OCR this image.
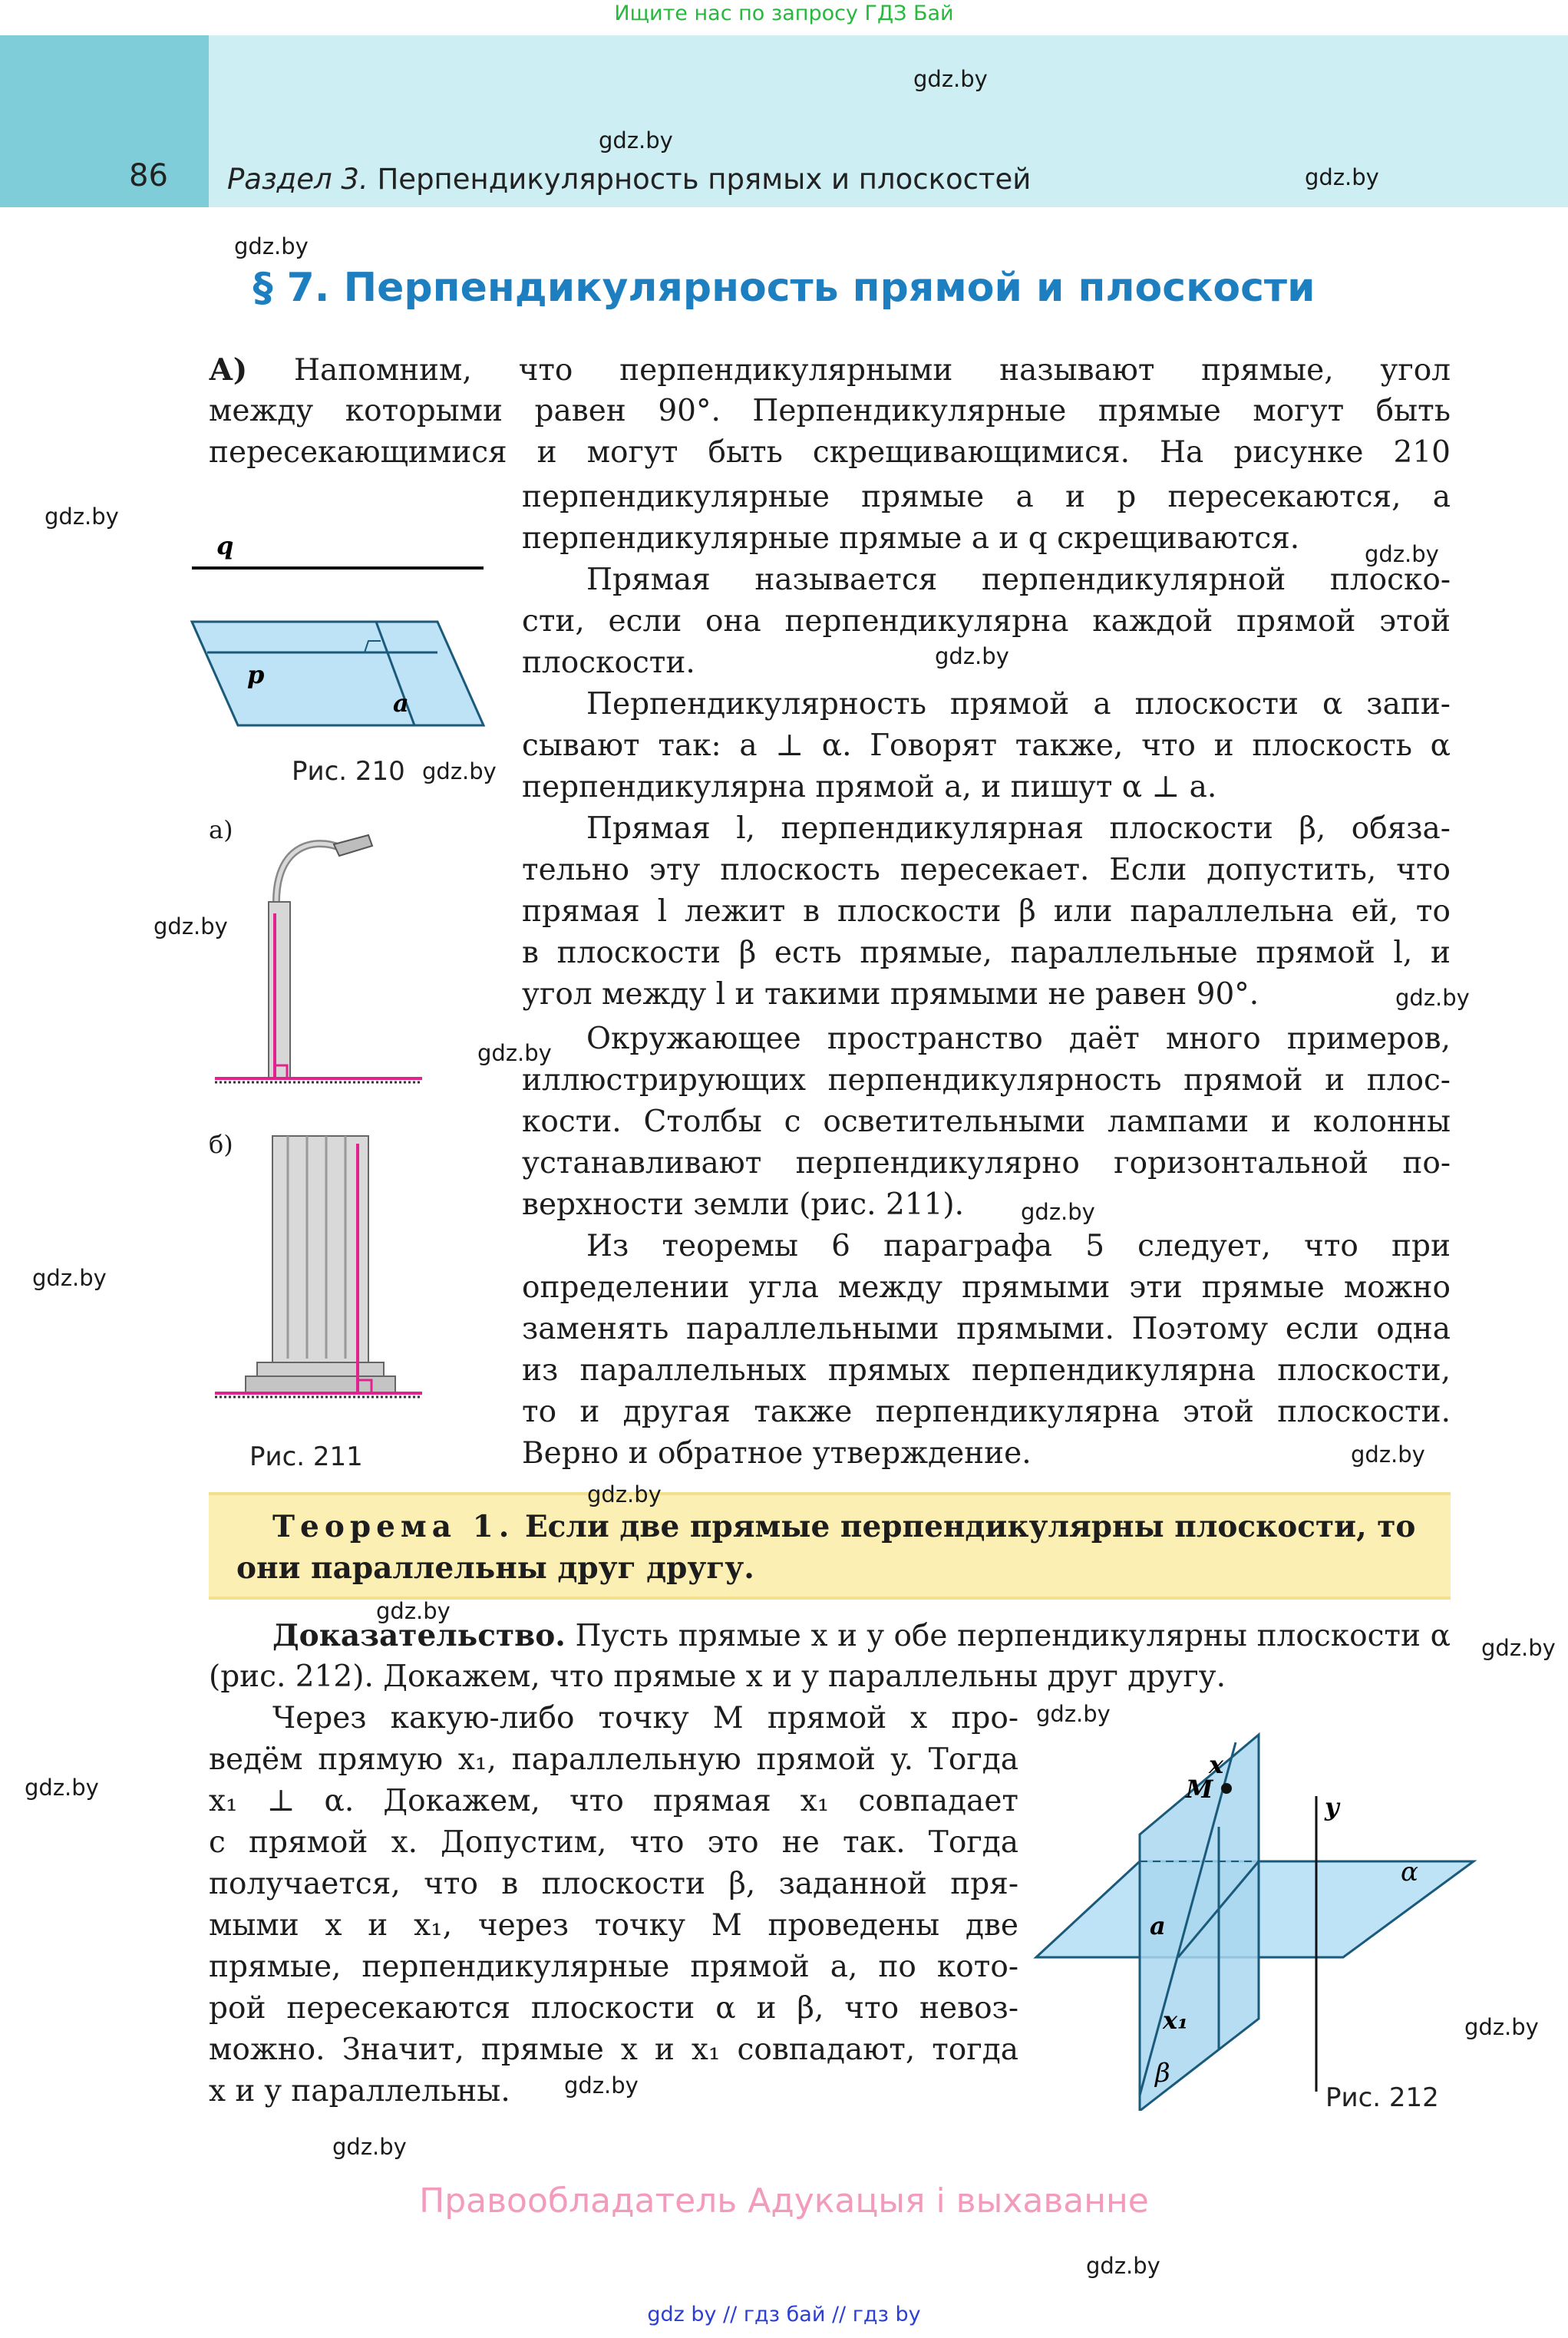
Ищите нас по запросу ГДЗ Бай
86 Раздел 3. Перпендикулярность прямых и плоскостей
§ 7. Перпендикулярность прямой и плоскости
А) Напомним, что перпендикулярными называют прямые, угол
между которыми равен 90°. Перпендикулярные прямые могут быть
пересекающимися и могут быть скрещивающимися. На рисунке 210
перпендикулярные прямые a и p пересекаются, а
перпендикулярные прямые a и q скрещиваются.
Прямая называется перпендикулярной плоско-
сти, если она перпендикулярна каждой прямой этой
плоскости.
Перпендикулярность прямой a плоскости α запи-
сывают так: a ⊥ α. Говорят также, что и плоскость α
перпендикулярна прямой a, и пишут α ⊥ a.
Прямая l, перпендикулярная плоскости β, обяза-
тельно эту плоскость пересекает. Если допустить, что
прямая l лежит в плоскости β или параллельна ей, то
в плоскости β есть прямые, параллельные прямой l, и
угол между l и такими прямыми не равен 90°.
Окружающее пространство даёт много примеров,
иллюстрирующих перпендикулярность прямой и плос-
кости. Столбы с осветительными лампами и колонны
устанавливают перпендикулярно горизонтальной по-
верхности земли (рис. 211).
Из теоремы 6 параграфа 5 следует, что при
определении угла между прямыми эти прямые можно
заменять параллельными прямыми. Поэтому если одна
из параллельных прямых перпендикулярна плоскости,
то и другая также перпендикулярна этой плоскости.
Верно и обратное утверждение.
Теорема 1. Если две прямые перпендикулярны плоскости, то
они параллельны друг другу.
Доказательство. Пусть прямые x и y обе перпендикулярны плоскости α
(рис. 212). Докажем, что прямые x и y параллельны друг другу.
Через какую-либо точку M прямой x про-
ведём прямую x₁, параллельную прямой y. Тогда
x₁ ⊥ α. Докажем, что прямая x₁ совпадает
с прямой x. Допустим, что это не так. Тогда
получается, что в плоскости β, заданной пря-
мыми x и x₁, через точку M проведены две
прямые, перпендикулярные прямой a, по кото-
рой пересекаются плоскости α и β, что невоз-
можно. Значит, прямые x и x₁ совпадают, тогда
x и y параллельны.
q
p
a
Рис. 210
а)
б)
Рис. 211
x
M
y
α
a
x₁
β
Рис. 212
gdz.by
gdz.by
gdz.by
gdz.by
gdz.by
gdz.by
gdz.by
gdz.by
gdz.by
gdz.by
gdz.by
gdz.by
gdz.by
gdz.by
gdz.by
gdz.by
gdz.by
gdz.by
gdz.by
gdz.by
gdz.by
gdz.by
gdz.by
Правообладатель Адукацыя і выхаванне
gdz by // гдз бай // гдз by
